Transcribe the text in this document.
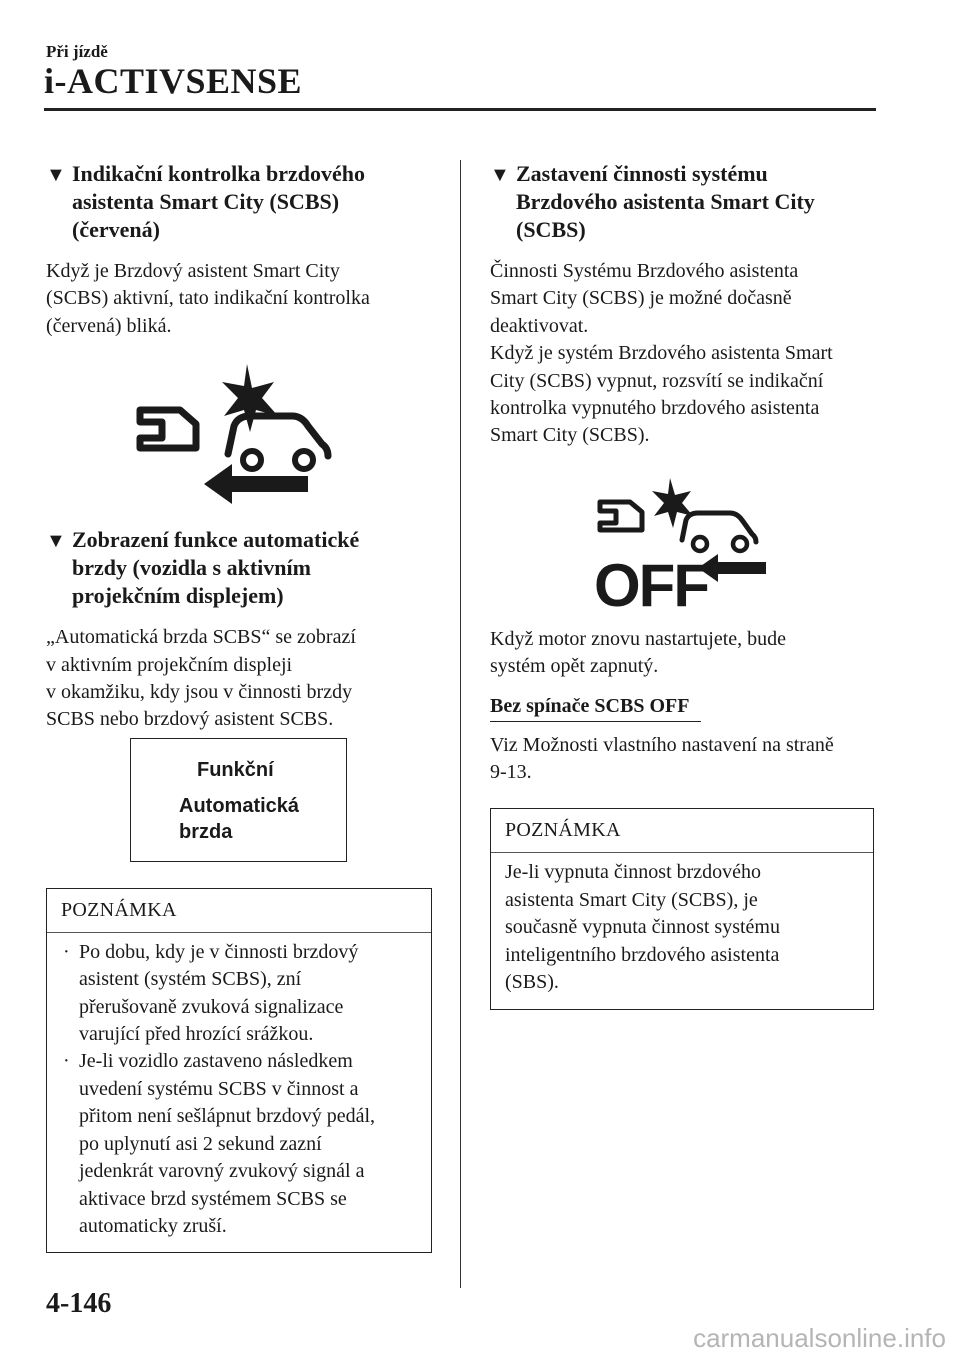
Při jízdě
i-ACTIVSENSE
▼ Indikační kontrolka brzdového
asistenta Smart City (SCBS)
(červená)
Když je Brzdový asistent Smart City
(SCBS) aktivní, tato indikační kontrolka
(červená) bliká.
▼ Zobrazení funkce automatické
brzdy (vozidla s aktivním
projekčním displejem)
„Automatická brzda SCBS“ se zobrazí
v aktivním projekčním displeji
v okamžiku, kdy jsou v činnosti brzdy
SCBS nebo brzdový asistent SCBS.
Funkční
Automatická
brzda
POZNÁMKA
· Po dobu, kdy je v činnosti brzdový
asistent (systém SCBS), zní
přerušovaně zvuková signalizace
varující před hrozící srážkou.
· Je-li vozidlo zastaveno následkem
uvedení systému SCBS v činnost a
přitom není sešlápnut brzdový pedál,
po uplynutí asi 2 sekund zazní
jedenkrát varovný zvukový signál a
aktivace brzd systémem SCBS se
automaticky zruší.
▼ Zastavení činnosti systému
Brzdového asistenta Smart City
(SCBS)
Činnosti Systému Brzdového asistenta
Smart City (SCBS) je možné dočasně
deaktivovat.
Když je systém Brzdového asistenta Smart
City (SCBS) vypnut, rozsvítí se indikační
kontrolka vypnutého brzdového asistenta
Smart City (SCBS).
OFF
Když motor znovu nastartujete, bude
systém opět zapnutý.
Bez spínače SCBS OFF
Viz Možnosti vlastního nastavení na straně
9-13.
POZNÁMKA
Je-li vypnuta činnost brzdového
asistenta Smart City (SCBS), je
současně vypnuta činnost systému
inteligentního brzdového asistenta
(SBS).
4-146
carmanualsonline.info
